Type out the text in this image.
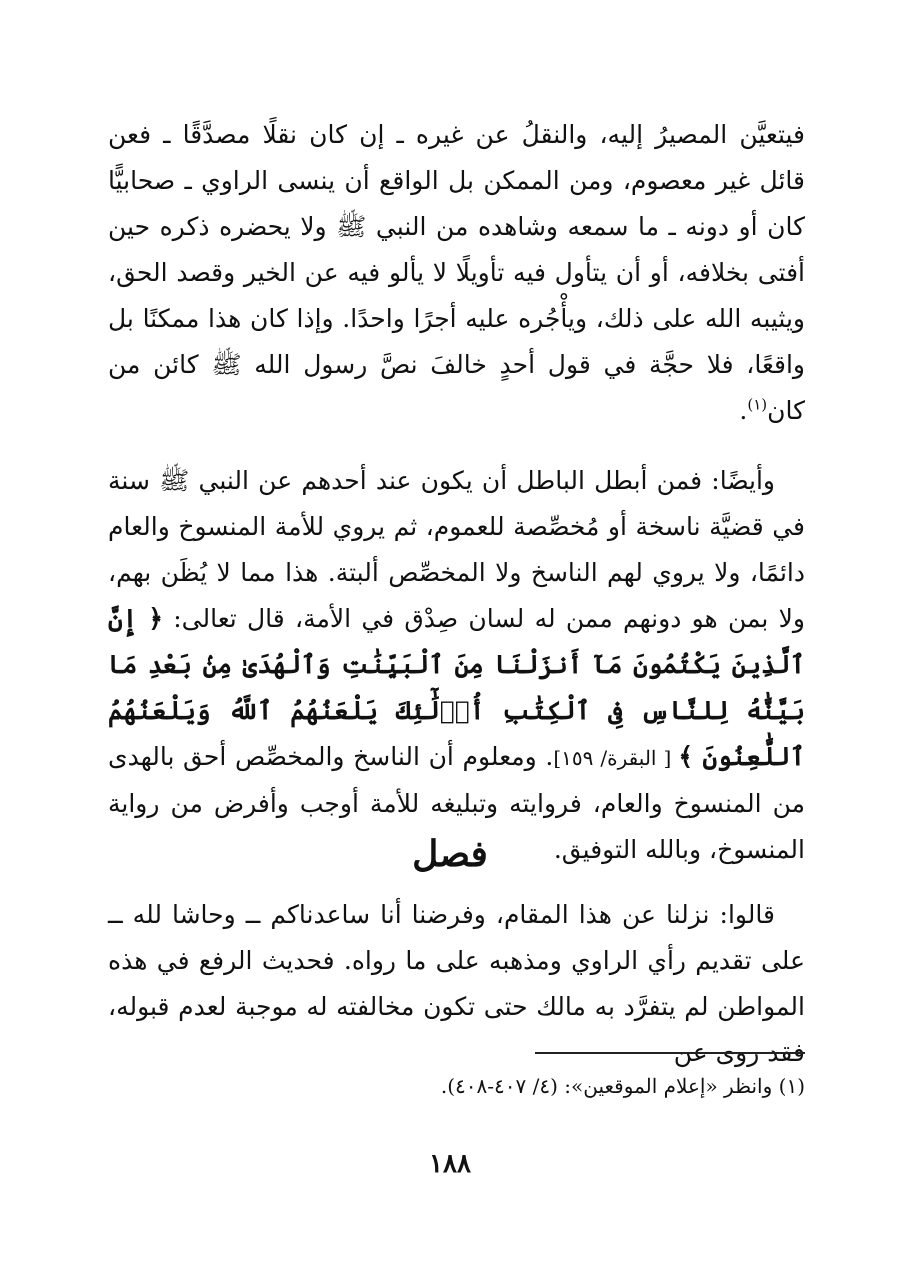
فيتعيَّن المصيرُ إليه، والنقلُ عن غيره ـ إن كان نقلًا مصدَّقًا ـ فعن قائل غير معصوم، ومن الممكن بل الواقع أن ينسى الراوي ـ صحابيًّا كان أو دونه ـ ما سمعه وشاهده من النبي ﷺ ولا يحضره ذكره حين أفتى بخلافه، أو أن يتأول فيه تأويلًا لا يألو فيه عن الخير وقصد الحق، ويثيبه الله على ذلك، ويأْجُره عليه أجرًا واحدًا. وإذا كان هذا ممكنًا بل واقعًا، فلا حجَّة في قول أحدٍ خالفَ نصَّ رسول الله ﷺ كائن من كان$^{(١)}$.

وأيضًا: فمن أبطل الباطل أن يكون عند أحدهم عن النبي ﷺ سنة في قضيَّة ناسخة أو مُخصِّصة للعموم، ثم يروي للأمة المنسوخ والعام دائمًا، ولا يروي لهم الناسخ ولا المخصِّص ألبتة. هذا مما لا يُظَن بهم، ولا بمن هو دونهم ممن له لسان صِدْق في الأمة، قال تعالى: ﴿ إِنَّ ٱلَّذِينَ يَكْتُمُونَ مَآ أَنزَلْنَا مِنَ ٱلْبَيِّنَٰتِ وَٱلْهُدَىٰ مِنۢ بَعْدِ مَا بَيَّنَّٰهُ لِلنَّاسِ فِى ٱلْكِتَٰبِ أُو۟لَٰٓئِكَ يَلْعَنُهُمُ ٱللَّهُ وَيَلْعَنُهُمُ ٱللَّٰعِنُونَ ﴾ [ البقرة/ ١٥٩]. ومعلوم أن الناسخ والمخصِّص أحق بالهدى من المنسوخ والعام، فروايته وتبليغه للأمة أوجب وأفرض من رواية المنسوخ، وبالله التوفيق.

فصل

قالوا: نزلنا عن هذا المقام، وفرضنا أنا ساعدناكم ــ وحاشا لله ــ على تقديم رأي الراوي ومذهبه على ما رواه. فحديث الرفع في هذه المواطن لم يتفرَّد به مالك حتى تكون مخالفته له موجبة لعدم قبوله، فقد روى عن

(١) وانظر «إعلام الموقعين»: (٤/ ٤٠٧-٤٠٨).
١٨٨
